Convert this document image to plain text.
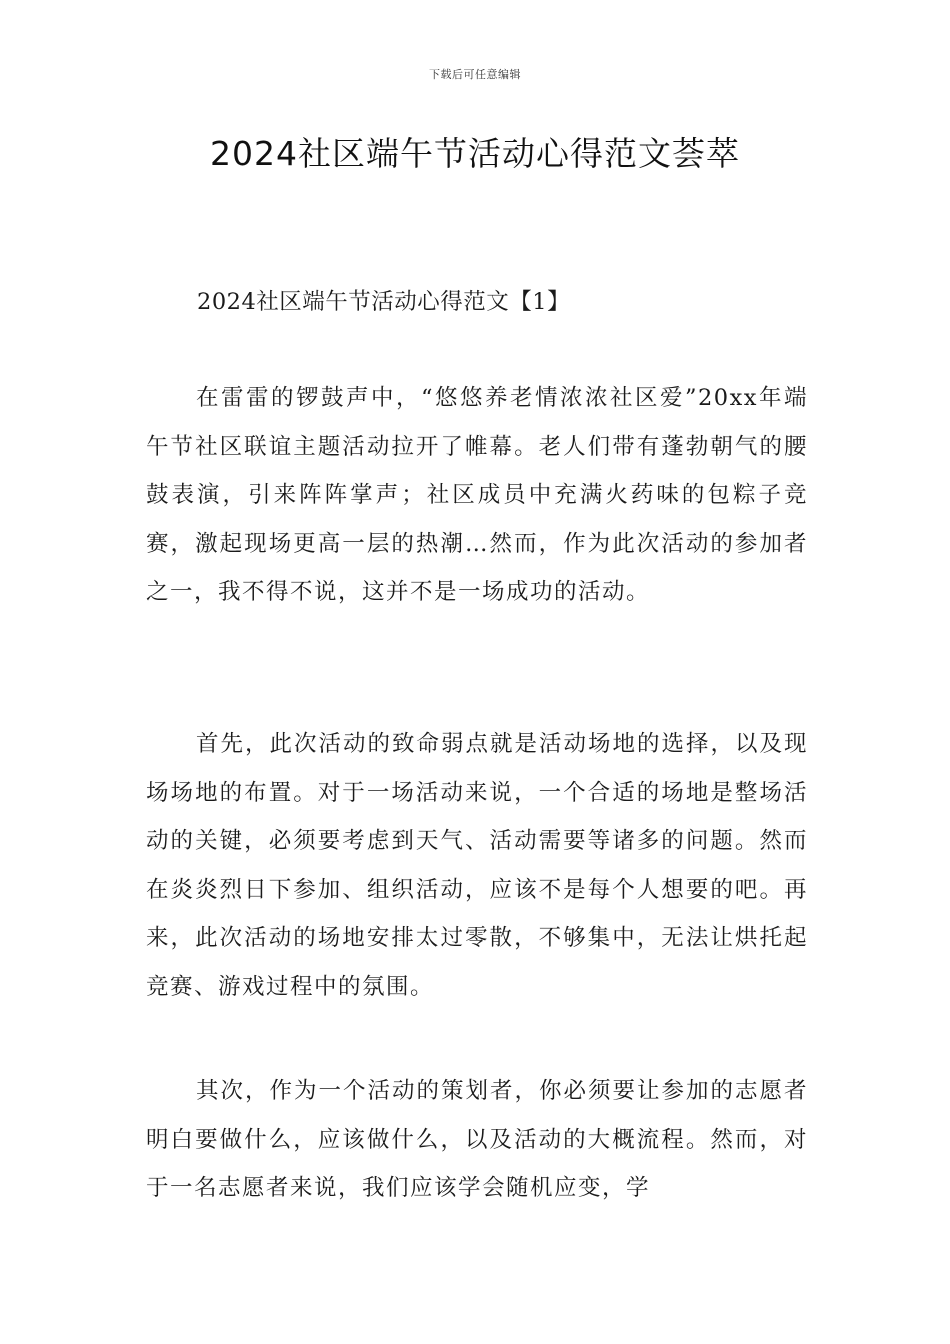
下载后可任意编辑
2024社区端午节活动心得范文荟萃

2024社区端午节活动心得范文【1】

在雷雷的锣鼓声中，“悠悠养老情浓浓社区爱”20xx年端午节社区联谊主题活动拉开了帷幕。老人们带有蓬勃朝气的腰鼓表演，引来阵阵掌声；社区成员中充满火药味的包粽子竞赛，激起现场更高一层的热潮…然而，作为此次活动的参加者之一，我不得不说，这并不是一场成功的活动。

首先，此次活动的致命弱点就是活动场地的选择，以及现场场地的布置。对于一场活动来说，一个合适的场地是整场活动的关键，必须要考虑到天气、活动需要等诸多的问题。然而在炎炎烈日下参加、组织活动，应该不是每个人想要的吧。再来，此次活动的场地安排太过零散，不够集中，无法让烘托起竞赛、游戏过程中的氛围。

其次，作为一个活动的策划者，你必须要让参加的志愿者明白要做什么，应该做什么，以及活动的大概流程。然而，对于一名志愿者来说，我们应该学会随机应变，学
